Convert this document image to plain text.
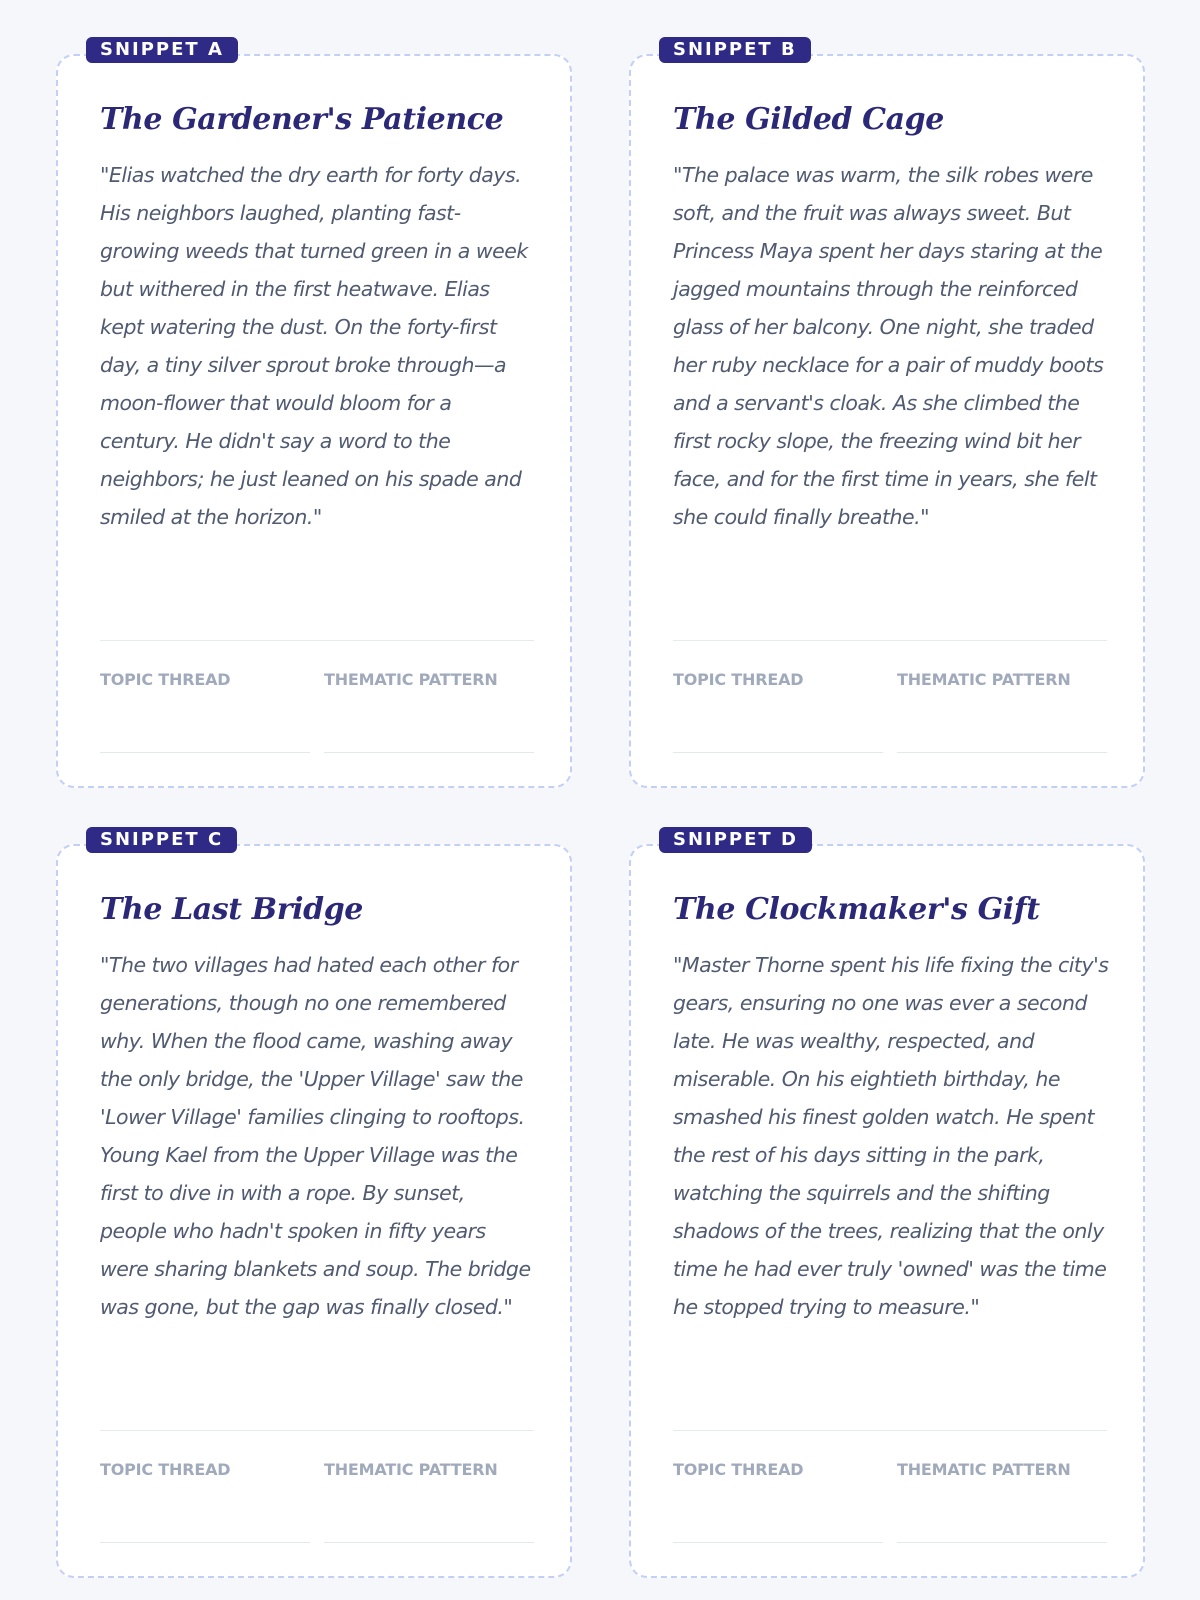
SNIPPET A
The Gardener's Patience

"Elias watched the dry earth for forty days. His neighbors laughed, planting fast-growing weeds that turned green in a week but withered in the first heatwave. Elias kept watering the dust. On the forty-first day, a tiny silver sprout broke through—a moon-flower that would bloom for a century. He didn't say a word to the neighbors; he just leaned on his spade and smiled at the horizon."

TOPIC THREAD	THEMATIC PATTERN
SNIPPET B
The Gilded Cage

"The palace was warm, the silk robes were soft, and the fruit was always sweet. But Princess Maya spent her days staring at the jagged mountains through the reinforced glass of her balcony. One night, she traded her ruby necklace for a pair of muddy boots and a servant's cloak. As she climbed the first rocky slope, the freezing wind bit her face, and for the first time in years, she felt she could finally breathe."

TOPIC THREAD	THEMATIC PATTERN
SNIPPET C
The Last Bridge

"The two villages had hated each other for generations, though no one remembered why. When the flood came, washing away the only bridge, the 'Upper Village' saw the 'Lower Village' families clinging to rooftops. Young Kael from the Upper Village was the first to dive in with a rope. By sunset, people who hadn't spoken in fifty years were sharing blankets and soup. The bridge was gone, but the gap was finally closed."

TOPIC THREAD	THEMATIC PATTERN
SNIPPET D
The Clockmaker's Gift

"Master Thorne spent his life fixing the city's gears, ensuring no one was ever a second late. He was wealthy, respected, and miserable. On his eightieth birthday, he smashed his finest golden watch. He spent the rest of his days sitting in the park, watching the squirrels and the shifting shadows of the trees, realizing that the only time he had ever truly 'owned' was the time he stopped trying to measure."

TOPIC THREAD	THEMATIC PATTERN
